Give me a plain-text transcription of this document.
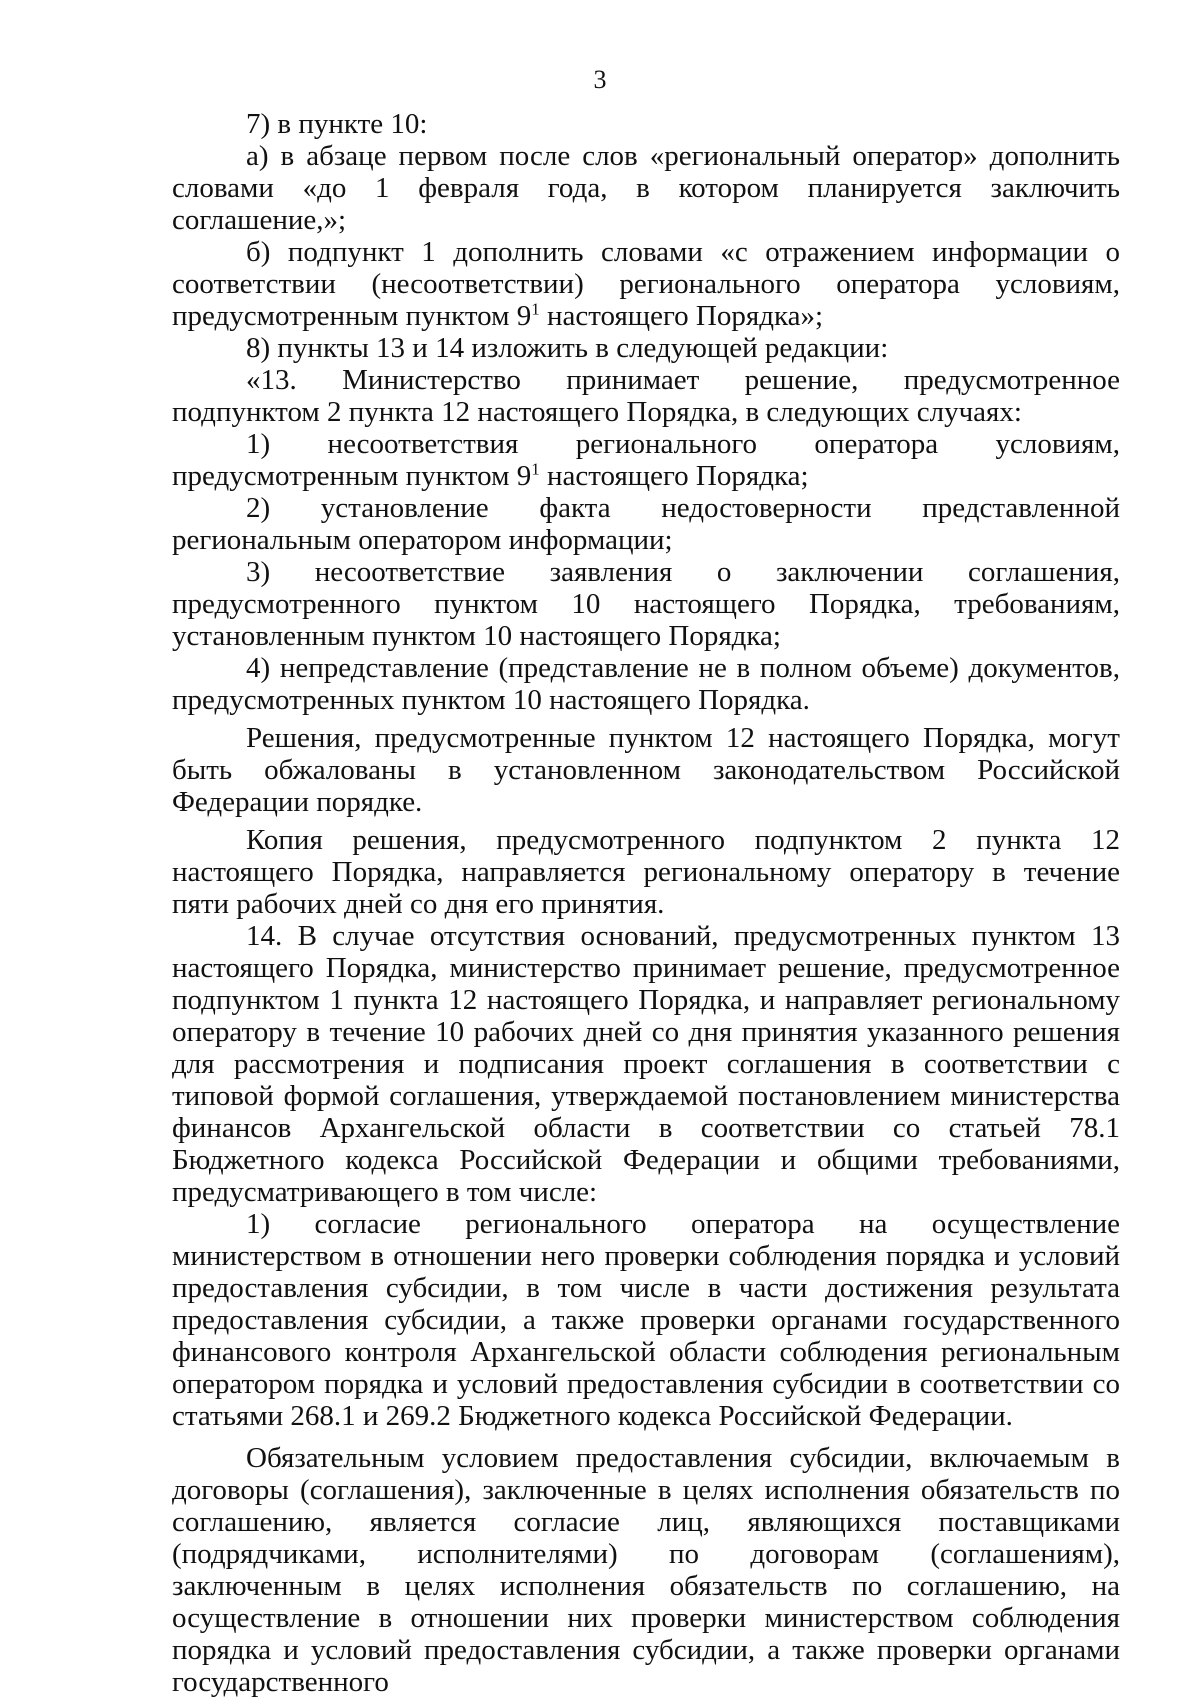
3

7) в пункте 10:

а) в абзаце первом после слов «региональный оператор» дополнить словами «до 1 февраля года, в котором планируется заключить соглашение,»;

б) подпункт 1 дополнить словами «с отражением информации о соответствии (несоответствии) регионального оператора условиям, предусмотренным пунктом $9^1$ настоящего Порядка»;

8) пункты 13 и 14 изложить в следующей редакции:

«13. Министерство принимает решение, предусмотренное подпунктом 2 пункта 12 настоящего Порядка, в следующих случаях:

1) несоответствия регионального оператора условиям, предусмотренным пунктом $9^1$ настоящего Порядка;

2) установление факта недостоверности представленной региональным оператором информации;

3) несоответствие заявления о заключении соглашения, предусмотренного пунктом 10 настоящего Порядка, требованиям, установленным пунктом 10 настоящего Порядка;

4) непредставление (представление не в полном объеме) документов, предусмотренных пунктом 10 настоящего Порядка.

Решения, предусмотренные пунктом 12 настоящего Порядка, могут быть обжалованы в установленном законодательством Российской Федерации порядке.

Копия решения, предусмотренного подпунктом 2 пункта 12 настоящего Порядка, направляется региональному оператору в течение пяти рабочих дней со дня его принятия.

14. В случае отсутствия оснований, предусмотренных пунктом 13 настоящего Порядка, министерство принимает решение, предусмотренное подпунктом 1 пункта 12 настоящего Порядка, и направляет региональному оператору в течение 10 рабочих дней со дня принятия указанного решения для рассмотрения и подписания проект соглашения в соответствии с типовой формой соглашения, утверждаемой постановлением министерства финансов Архангельской области в соответствии со статьей 78.1 Бюджетного кодекса Российской Федерации и общими требованиями, предусматривающего в том числе:

1) согласие регионального оператора на осуществление министерством в отношении него проверки соблюдения порядка и условий предоставления субсидии, в том числе в части достижения результата предоставления субсидии, а также проверки органами государственного финансового контроля Архангельской области соблюдения региональным оператором порядка и условий предоставления субсидии в соответствии со статьями 268.1 и 269.2 Бюджетного кодекса Российской Федерации.

Обязательным условием предоставления субсидии, включаемым в договоры (соглашения), заключенные в целях исполнения обязательств по соглашению, является согласие лиц, являющихся поставщиками (подрядчиками, исполнителями) по договорам (соглашениям), заключенным в целях исполнения обязательств по соглашению, на осуществление в отношении них проверки министерством соблюдения порядка и условий предоставления субсидии, а также проверки органами государственного
